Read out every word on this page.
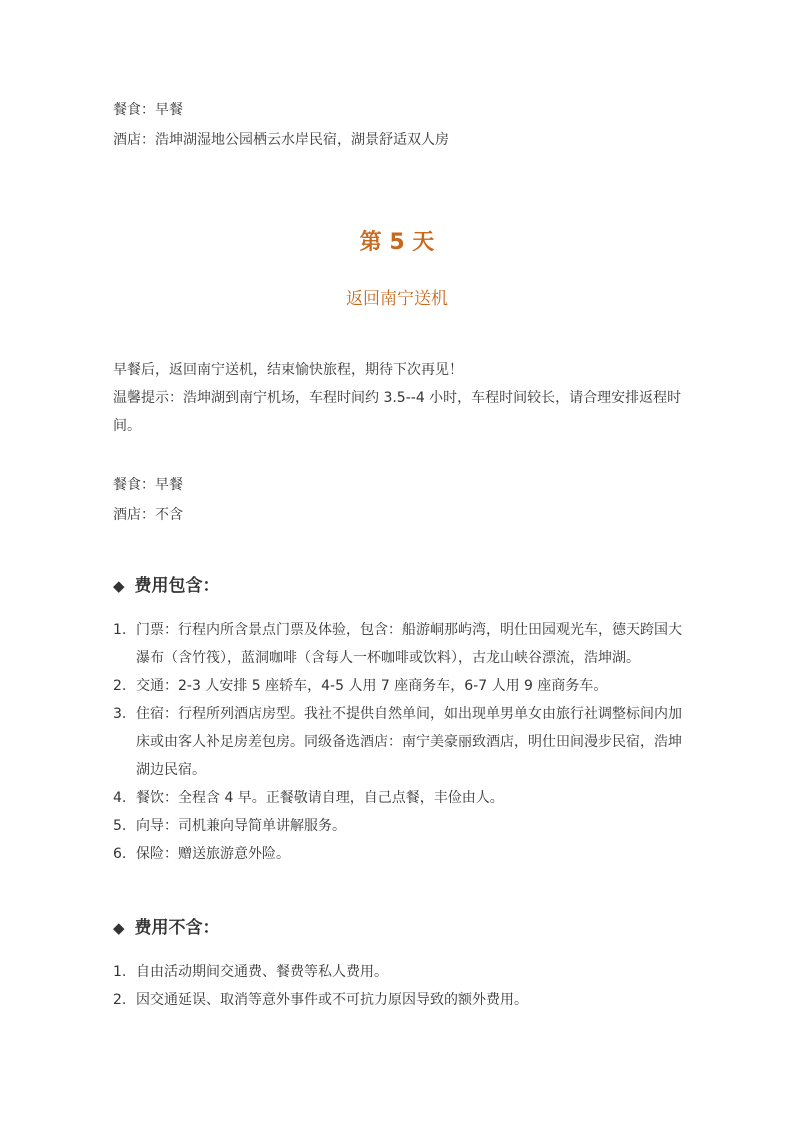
餐食：早餐
酒店：浩坤湖湿地公园栖云水岸民宿，湖景舒适双人房
第 5 天
返回南宁送机
早餐后，返回南宁送机，结束愉快旅程，期待下次再见！
温馨提示：浩坤湖到南宁机场，车程时间约 3.5--4 小时，车程时间较长，请合理安排返程时间。
餐食：早餐
酒店：不含
◆ 费用包含：
1. 门票：行程内所含景点门票及体验，包含：船游峒那屿湾，明仕田园观光车，德天跨国大瀑布（含竹筏），蓝洞咖啡（含每人一杯咖啡或饮料），古龙山峡谷漂流，浩坤湖。
2. 交通：2-3 人安排 5 座轿车，4-5 人用 7 座商务车，6-7 人用 9 座商务车。
3. 住宿：行程所列酒店房型。我社不提供自然单间，如出现单男单女由旅行社调整标间内加床或由客人补足房差包房。同级备选酒店：南宁美豪丽致酒店，明仕田间漫步民宿，浩坤湖边民宿。
4. 餐饮：全程含 4 早。正餐敬请自理，自己点餐，丰俭由人。
5. 向导：司机兼向导简单讲解服务。
6. 保险：赠送旅游意外险。
◆ 费用不含：
1. 自由活动期间交通费、餐费等私人费用。
2. 因交通延误、取消等意外事件或不可抗力原因导致的额外费用。
